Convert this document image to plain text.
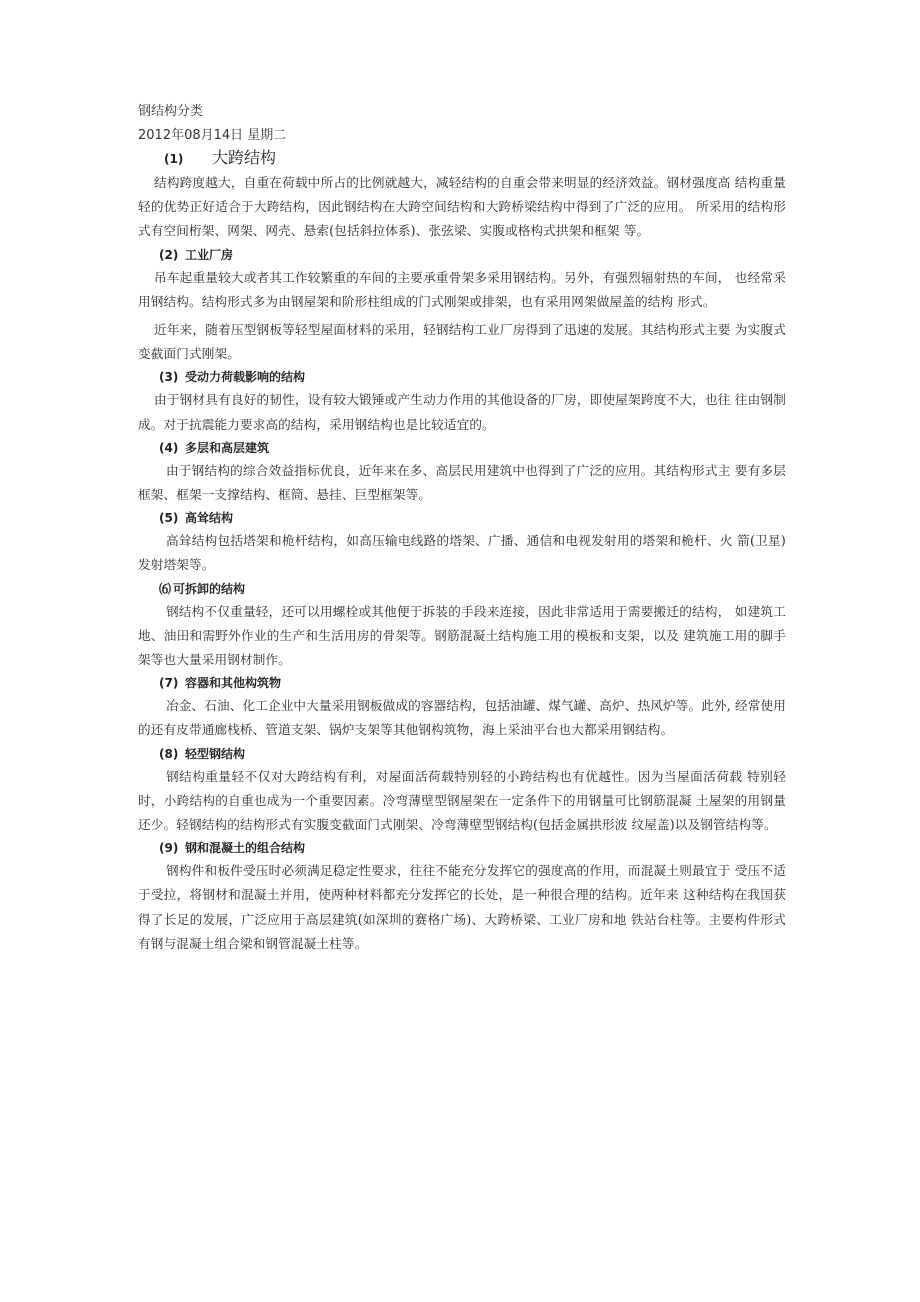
钢结构分类
2012年08月14日 星期二
(1) 大跨结构

结构跨度越大，自重在荷载中所占的比例就越大，减轻结构的自重会带来明显的经济效益。钢材强度高 结构重量轻的优势正好适合于大跨结构，因此钢结构在大跨空间结构和大跨桥梁结构中得到了广泛的应用。 所采用的结构形式有空间桁架、网架、网壳、悬索(包括斜拉体系)、张弦梁、实腹或格构式拱架和框架 等。

(2) 工业厂房

吊车起重量较大或者其工作较繁重的车间的主要承重骨架多采用钢结构。另外，有强烈辐射热的车间， 也经常采用钢结构。结构形式多为由钢屋架和阶形柱组成的门式刚架或排架，也有采用网架做屋盖的结构 形式。

近年来，随着压型钢板等轻型屋面材料的采用，轻钢结构工业厂房得到了迅速的发展。其结构形式主要 为实腹式变截面门式刚架。

(3) 受动力荷载影响的结构

由于钢材具有良好的韧性，设有较大锻锤或产生动力作用的其他设备的厂房，即使屋架跨度不大，也往 往由钢制成。对于抗震能力要求高的结构，采用钢结构也是比较适宜的。

(4) 多层和高层建筑

由于钢结构的综合效益指标优良，近年来在多、高层民用建筑中也得到了广泛的应用。其结构形式主 要有多层框架、框架一支撑结构、框筒、悬挂、巨型框架等。

(5) 高耸结构

高耸结构包括塔架和桅杆结构，如高压输电线路的塔架、广播、通信和电视发射用的塔架和桅杆、火 箭(卫星)发射塔架等。

⑹ 可拆卸的结构

钢结构不仅重量轻，还可以用螺栓或其他便于拆装的手段来连接，因此非常适用于需要搬迁的结构， 如建筑工地、油田和需野外作业的生产和生活用房的骨架等。钢筋混凝土结构施工用的模板和支架，以及 建筑施工用的脚手架等也大量采用钢材制作。

(7) 容器和其他构筑物

冶金、石油、化工企业中大量采用钢板做成的容器结构，包括油罐、煤气罐、高炉、热风炉等。此外, 经常使用的还有皮带通廊栈桥、管道支架、锅炉支架等其他钢构筑物，海上采油平台也大都采用钢结构。

(8) 轻型钢结构

钢结构重量轻不仅对大跨结构有利，对屋面活荷载特别轻的小跨结构也有优越性。因为当屋面活荷载 特别轻时，小跨结构的自重也成为一个重要因素。冷弯薄壁型钢屋架在一定条件下的用钢量可比钢筋混凝 土屋架的用钢量还少。轻钢结构的结构形式有实腹变截面门式刚架、冷弯薄壁型钢结构(包括金属拱形波 纹屋盖)以及钢管结构等。

(9) 钢和混凝土的组合结构

钢构件和板件受压时必须满足稳定性要求，往往不能充分发挥它的强度高的作用，而混凝土则最宜于 受压不适于受拉，将钢材和混凝土并用，使两种材料都充分发挥它的长处，是一种很合理的结构。近年来 这种结构在我国获得了长足的发展，广泛应用于高层建筑(如深圳的赛格广场)、大跨桥梁、工业厂房和地 铁站台柱等。主要构件形式有钢与混凝土组合梁和钢管混凝土柱等。
